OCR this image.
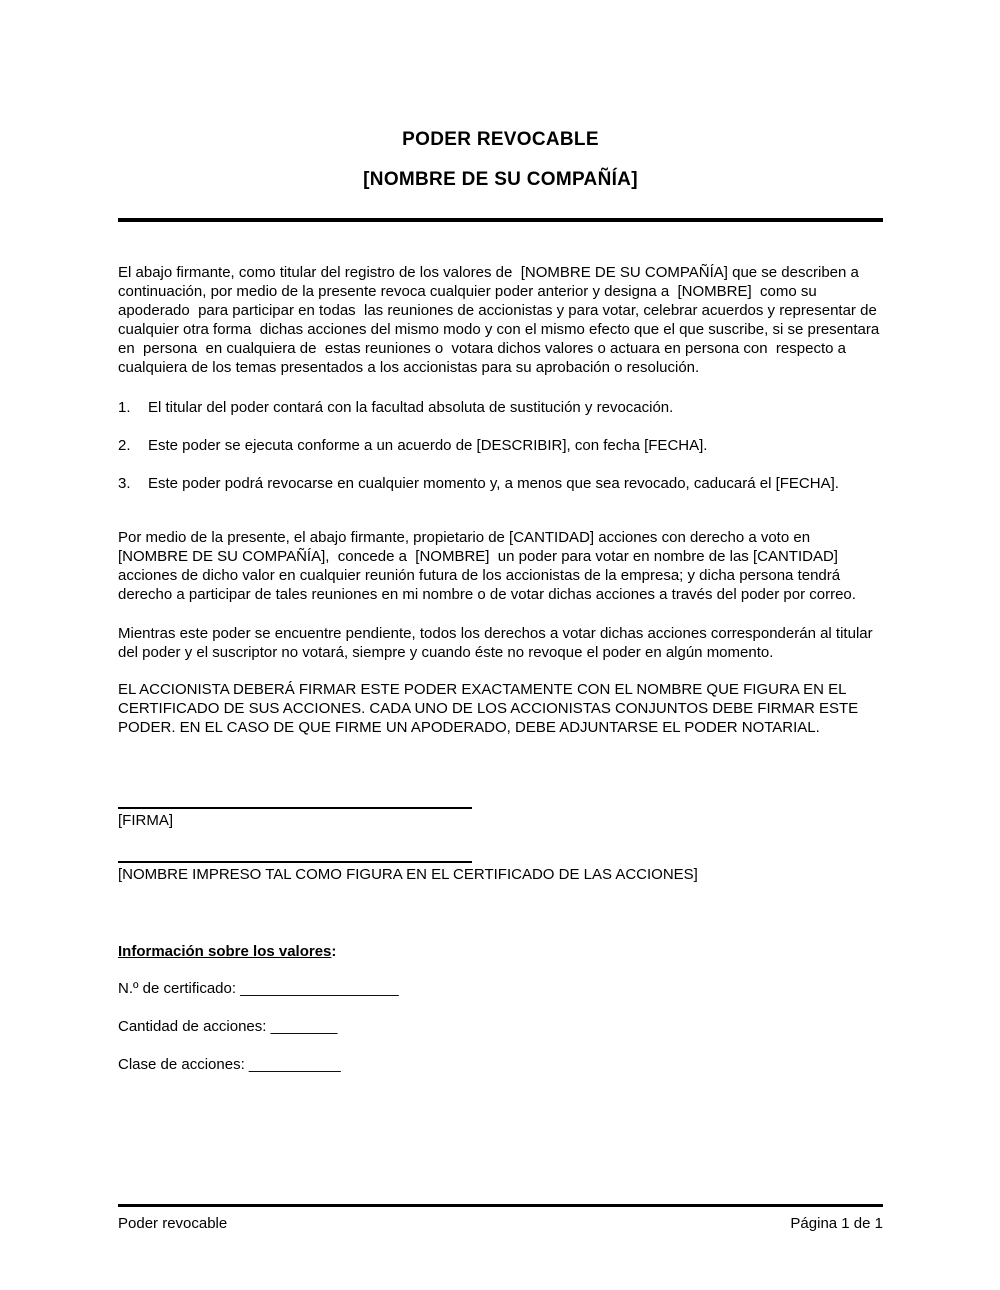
PODER REVOCABLE
[NOMBRE DE SU COMPAÑÍA]

El abajo firmante, como titular del registro de los valores de  [NOMBRE DE SU COMPAÑÍA] que se describen a continuación, por medio de la presente revoca cualquier poder anterior y designa a  [NOMBRE]  como su apoderado  para participar en todas  las reuniones de accionistas y para votar, celebrar acuerdos y representar de cualquier otra forma  dichas acciones del mismo modo y con el mismo efecto que el que suscribe, si se presentara en  persona  en cualquiera de  estas reuniones o  votara dichos valores o actuara en persona con  respecto a cualquiera de los temas presentados a los accionistas para su aprobación o resolución.

1.	El titular del poder contará con la facultad absoluta de sustitución y revocación.
2.	Este poder se ejecuta conforme a un acuerdo de [DESCRIBIR], con fecha [FECHA].
3.	Este poder podrá revocarse en cualquier momento y, a menos que sea revocado, caducará el [FECHA].

Por medio de la presente, el abajo firmante, propietario de [CANTIDAD] acciones con derecho a voto en  [NOMBRE DE SU COMPAÑÍA],  concede a  [NOMBRE]  un poder para votar en nombre de las [CANTIDAD] acciones de dicho valor en cualquier reunión futura de los accionistas de la empresa; y dicha persona tendrá derecho a participar de tales reuniones en mi nombre o de votar dichas acciones a través del poder por correo.

Mientras este poder se encuentre pendiente, todos los derechos a votar dichas acciones corresponderán al titular del poder y el suscriptor no votará, siempre y cuando éste no revoque el poder en algún momento.

EL ACCIONISTA DEBERÁ FIRMAR ESTE PODER EXACTAMENTE CON EL NOMBRE QUE FIGURA EN EL CERTIFICADO DE SUS ACCIONES. CADA UNO DE LOS ACCIONISTAS CONJUNTOS DEBE FIRMAR ESTE PODER. EN EL CASO DE QUE FIRME UN APODERADO, DEBE ADJUNTARSE EL PODER NOTARIAL.

[FIRMA]

[NOMBRE IMPRESO TAL COMO FIGURA EN EL CERTIFICADO DE LAS ACCIONES]

Información sobre los valores:

N.º de certificado: ___________________

Cantidad de acciones: ________

Clase de acciones: ___________

Poder revocable	Página 1 de 1
